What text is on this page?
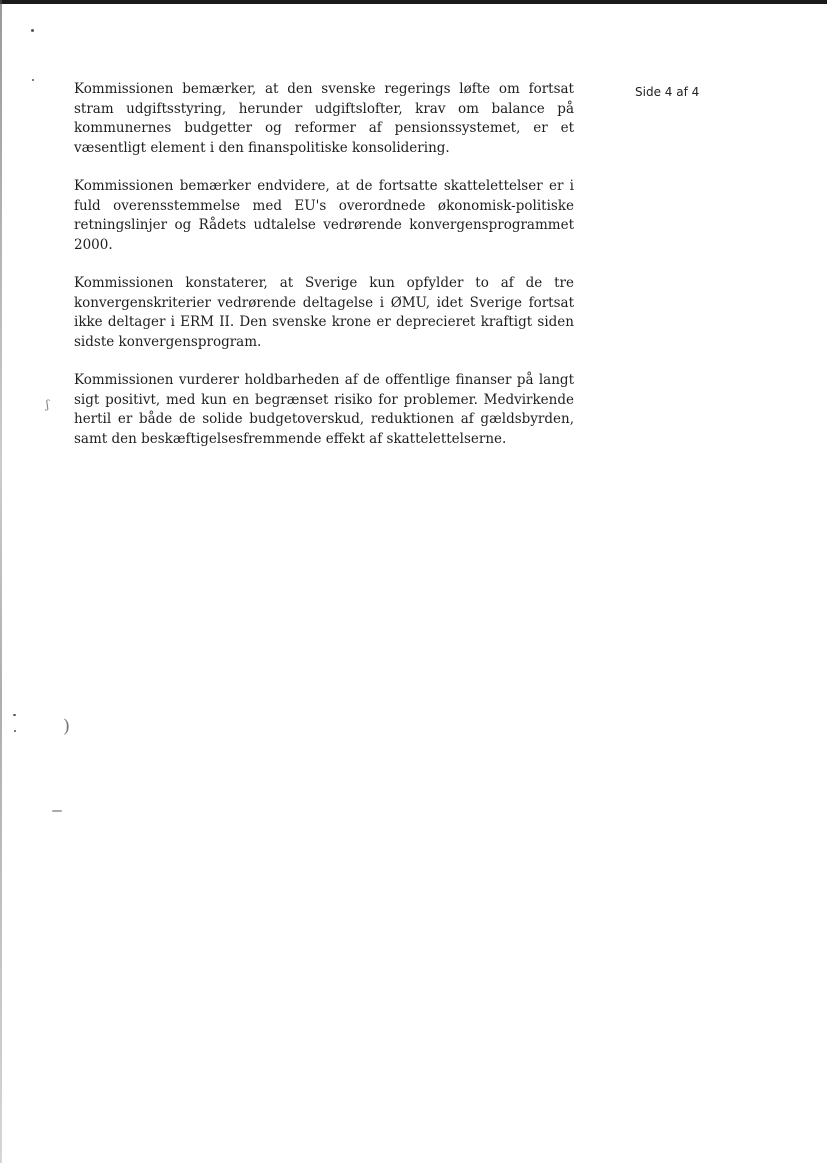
ʃ
)
Side 4 af 4

Kommissionen bemærker, at den svenske regerings løfte om fortsat stram udgiftsstyring, herunder udgiftslofter, krav om balance på kommunernes budgetter og reformer af pensionssystemet, er et væsentligt element i den finanspolitiske konsolidering.

Kommissionen bemærker endvidere, at de fortsatte skattelettelser er i fuld overensstemmelse med EU's overordnede økonomisk-politiske retningslinjer og Rådets udtalelse vedrørende konvergensprogrammet 2000.

Kommissionen konstaterer, at Sverige kun opfylder to af de tre konvergenskriterier vedrørende deltagelse i ØMU, idet Sverige fortsat ikke deltager i ERM II. Den svenske krone er deprecieret kraftigt siden sidste konvergensprogram.

Kommissionen vurderer holdbarheden af de offentlige finanser på langt sigt positivt, med kun en begrænset risiko for problemer. Medvirkende hertil er både de solide budgetoverskud, reduktionen af gældsbyrden, samt den beskæftigelsesfremmende effekt af skattelettelserne.
